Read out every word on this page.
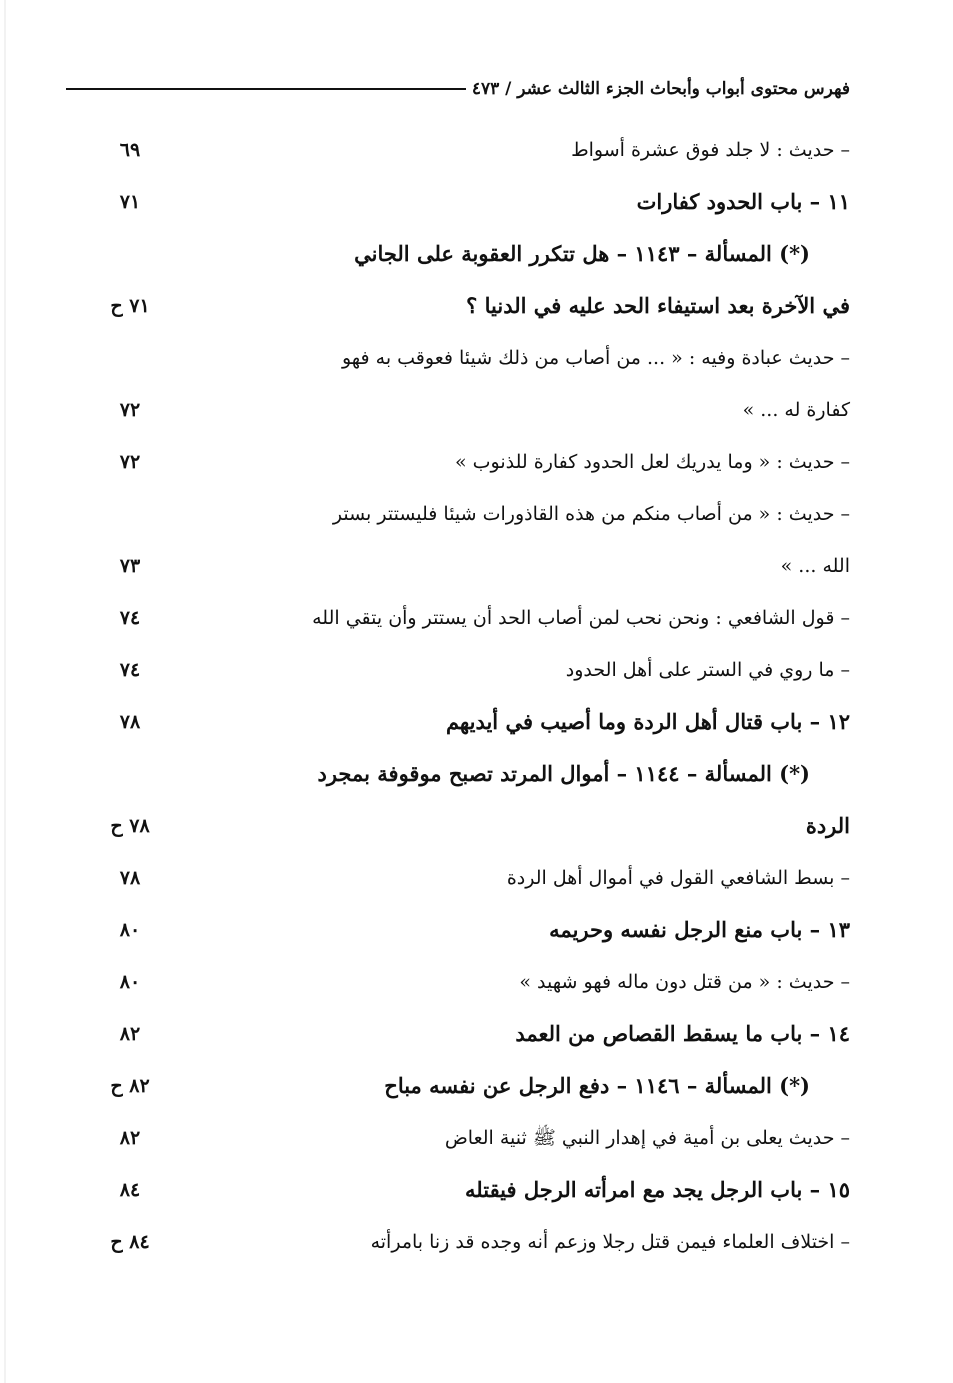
فهرس محتوى أبواب وأبحاث الجزء الثالث عشر / ٤٧٣
– حديث : لا جلد فوق عشرة أسواط
٦٩
١١ – باب الحدود كفارات
٧١
(*) المسألة – ١١٤٣ – هل تتكرر العقوبة على الجاني
في الآخرة بعد استيفاء الحد عليه في الدنيا ؟
٧١ ح
– حديث عبادة وفيه : « ... من أصاب من ذلك شيئا فعوقب به فهو
كفارة له ... »
٧٢
– حديث : « وما يدريك لعل الحدود كفارة للذنوب »
٧٢
– حديث : « من أصاب منكم من هذه القاذورات شيئا فليستتر بستر
الله ... »
٧٣
– قول الشافعي : ونحن نحب لمن أصاب الحد أن يستتر وأن يتقي الله
٧٤
– ما روي في الستر على أهل الحدود
٧٤
١٢ – باب قتال أهل الردة وما أصيب في أيديهم
٧٨
(*) المسألة – ١١٤٤ – أموال المرتد تصبح موقوفة بمجرد
الردة
٧٨ ح
– بسط الشافعي القول في أموال أهل الردة
٧٨
١٣ – باب منع الرجل نفسه وحريمه
٨٠
– حديث : « من قتل دون ماله فهو شهيد »
٨٠
١٤ – باب ما يسقط القصاص من العمد
٨٢
(*) المسألة – ١١٤٦ – دفع الرجل عن نفسه مباح
٨٢ ح
– حديث يعلى بن أمية في إهدار النبي ﷺ ثنية العاض
٨٢
١٥ – باب الرجل يجد مع امرأته الرجل فيقتله
٨٤
– اختلاف العلماء فيمن قتل رجلا وزعم أنه وجده قد زنا بامرأته
٨٤ ح
